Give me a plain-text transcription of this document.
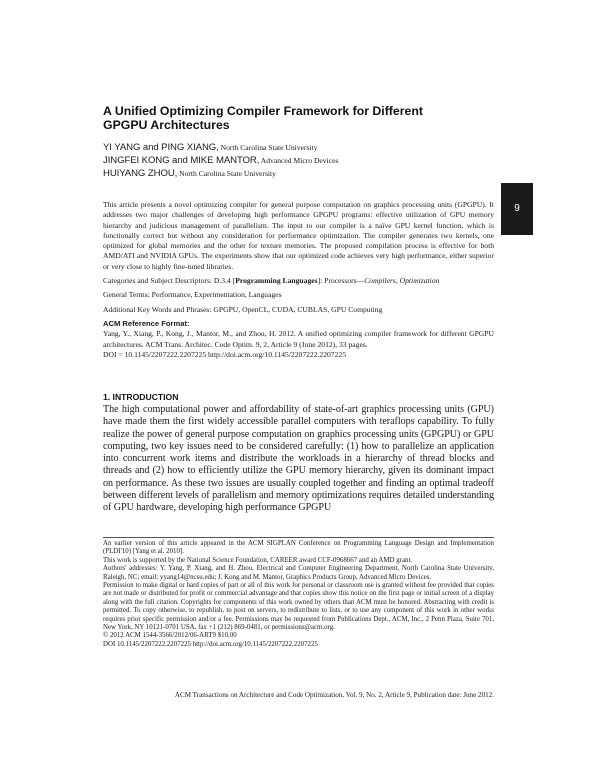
A Unified Optimizing Compiler Framework for Different
GPGPU Architectures
YI YANG and PING XIANG, North Carolina State University
JINGFEI KONG and MIKE MANTOR, Advanced Micro Devices
HUIYANG ZHOU, North Carolina State University
9

This article presents a novel optimizing compiler for general purpose computation on graphics processing units (GPGPU). It addresses two major challenges of developing high performance GPGPU programs: effective utilization of GPU memory hierarchy and judicious management of parallelism. The input to our compiler is a naïve GPU kernel function, which is functionally correct but without any consideration for performance optimization. The compiler generates two kernels, one optimized for global memories and the other for texture memories. The proposed compilation process is effective for both AMD/ATI and NVIDIA GPUs. The experiments show that our optimized code achieves very high performance, either superior or very close to highly fine-tuned libraries.

Categories and Subject Descriptors: D.3.4 [Programming Languages]: Processors—Compilers, Optimization

General Terms: Performance, Experimentation, Languages

Additional Key Words and Phrases: GPGPU, OpenCL, CUDA, CUBLAS, GPU Computing

ACM Reference Format:

Yang, Y., Xiang, P., Kong, J., Mantor, M., and Zhou, H. 2012. A unified optimizing compiler framework for different GPGPU architectures. ACM Trans. Architec. Code Optim. 9, 2, Article 9 (June 2012), 33 pages.

DOI = 10.1145/2207222.2207225 http://doi.acm.org/10.1145/2207222.2207225

1. INTRODUCTION

The high computational power and affordability of state-of-art graphics processing units (GPU) have made them the first widely accessible parallel computers with teraflops capability. To fully realize the power of general purpose computation on graphics processing units (GPGPU) or GPU computing, two key issues need to be considered carefully: (1) how to parallelize an application into concurrent work items and distribute the workloads in a hierarchy of thread blocks and threads and (2) how to efficiently utilize the GPU memory hierarchy, given its dominant impact on performance. As these two issues are usually coupled together and finding an optimal tradeoff between different levels of parallelism and memory optimizations requires detailed understanding of GPU hardware, developing high performance GPGPU

An earlier version of this article appeared in the ACM SIGPLAN Conference on Programming Language Design and Implementation (PLDI'10) [Yang et al. 2010].

This work is supported by the National Science Foundation, CAREER award CCF-0968667 and an AMD grant.

Authors' addresses: Y. Yang, P. Xiang, and H. Zhou, Electrical and Computer Engineering Department, North Carolina State University, Raleigh, NC; email: yyang14@ncsu.edu; J. Kong and M. Mantor, Graphics Products Group, Advanced Micro Devices.

Permission to make digital or hard copies of part or all of this work for personal or classroom use is granted without fee provided that copies are not made or distributed for profit or commercial advantage and that copies show this notice on the first page or initial screen of a display along with the full citation. Copyrights for components of this work owned by others than ACM must be honored. Abstracting with credit is permitted. To copy otherwise, to republish, to post on servers, to redistribute to lists, or to use any component of this work in other works requires prior specific permission and/or a fee. Permissions may be requested from Publications Dept., ACM, Inc., 2 Penn Plaza, Suite 701, New York, NY 10121-0701 USA, fax +1 (212) 869-0481, or permissions@acm.org.

© 2012 ACM 1544-3566/2012/06-ART9 $10.00

DOI 10.1145/2207222.2207225 http://doi.acm.org/10.1145/2207222.2207225

ACM Transactions on Architecture and Code Optimization, Vol. 9, No. 2, Article 9, Publication date: June 2012.
